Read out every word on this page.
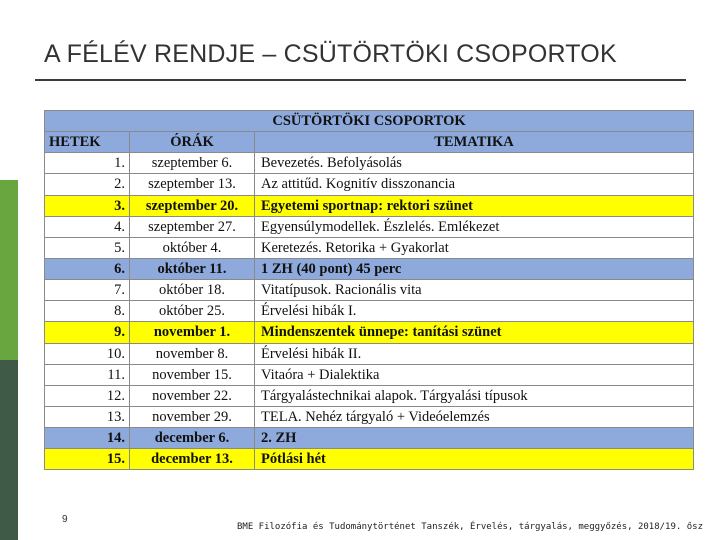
A FÉLÉV RENDJE – CSÜTÖRTÖKI CSOPORTOK
CSÜTÖRTÖKI CSOPORTOK		
HETEK	ÓRÁK	TEMATIKA
1.	szeptember 6.	Bevezetés. Befolyásolás
2.	szeptember 13.	Az attitűd. Kognitív disszonancia
3.	szeptember 20.	Egyetemi sportnap: rektori szünet
4.	szeptember 27.	Egyensúlymodellek. Észlelés. Emlékezet
5.	október 4.	Keretezés. Retorika + Gyakorlat
6.	október 11.	1 ZH (40 pont) 45 perc
7.	október 18.	Vitatípusok. Racionális vita
8.	október 25.	Érvelési hibák I.
9.	november 1.	Mindenszentek ünnepe: tanítási szünet
10.	november 8.	Érvelési hibák II.
11.	november 15.	Vitaóra + Dialektika
12.	november 22.	Tárgyalástechnikai alapok. Tárgyalási típusok
13.	november 29.	TELA. Nehéz tárgyaló + Videóelemzés
14.	december 6.	2. ZH
15.	december 13.	Pótlási hét
9
BME Filozófia és Tudománytörténet Tanszék, Érvelés, tárgyalás, meggyőzés, 2018/19. ősz
